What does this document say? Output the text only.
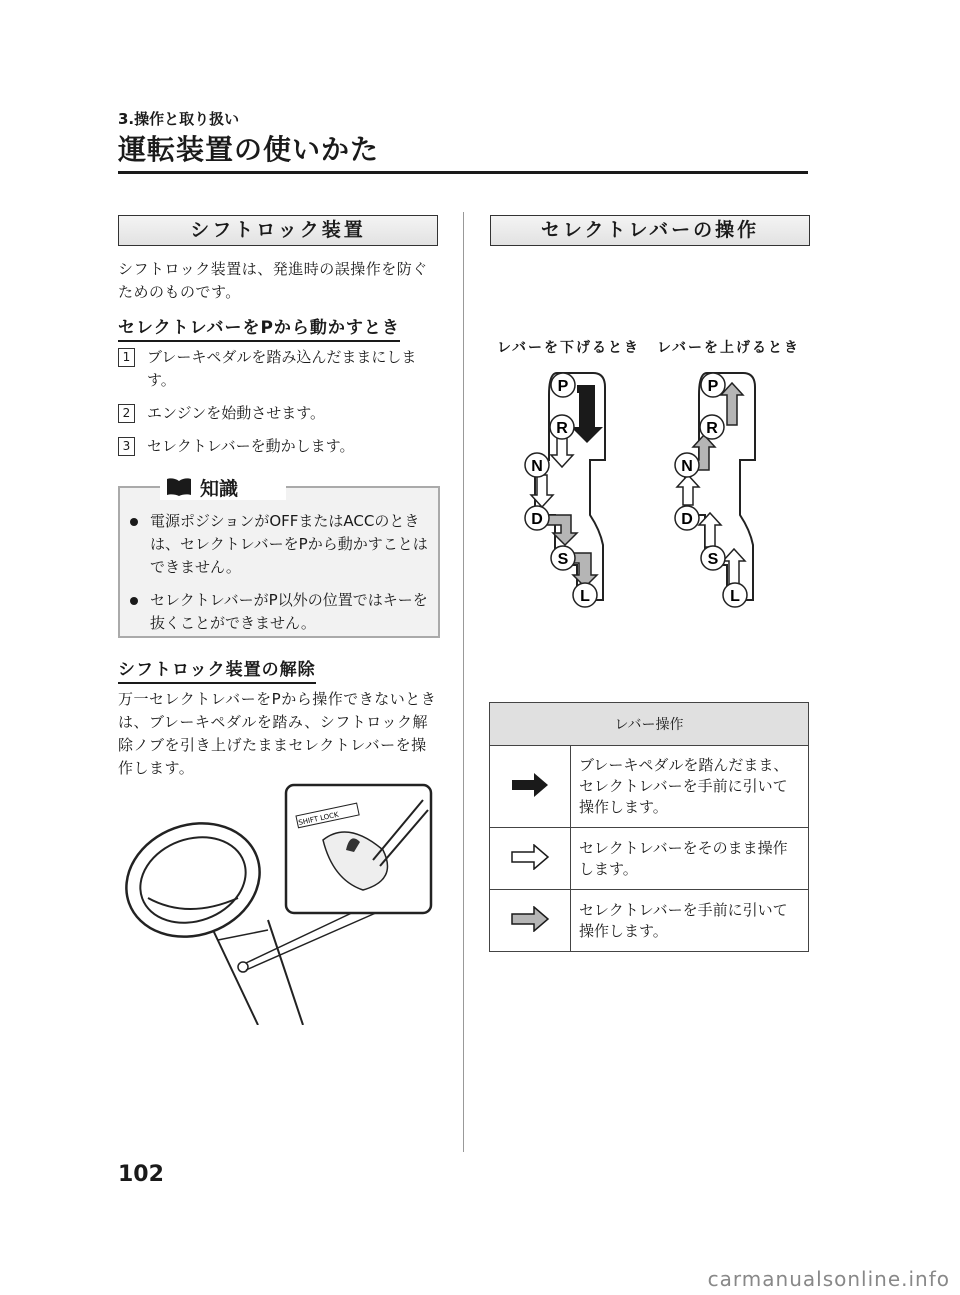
3.操作と取り扱い
運転装置の使いかた
シフトロック装置
シフトロック装置は、発進時の誤操作を防ぐためのものです。
セレクトレバーをPから動かすとき
1	ブレーキペダルを踏み込んだままにします。
2	エンジンを始動させます。
3	セレクトレバーを動かします。
電源ポジションがOFFまたはACCのときは、セレクトレバーをPから動かすことはできません。
セレクトレバーがP以外の位置ではキーを抜くことができません。
知識
シフトロック装置の解除
万一セレクトレバーをPから操作できないときは、ブレーキペダルを踏み、シフトロック解除ノブを引き上げたままセレクトレバーを操作します。
SHIFT LOCK
セレクトレバーの操作
レバーを下げるとき レバーを上げるとき
P
R
N
D
S
L
P
R
N
D
S
L
レバー操作	
	ブレーキペダルを踏んだまま、セレクトレバーを手前に引いて操作します。
	セレクトレバーをそのまま操作します。
	セレクトレバーを手前に引いて操作します。
102
carmanualsonline.info
